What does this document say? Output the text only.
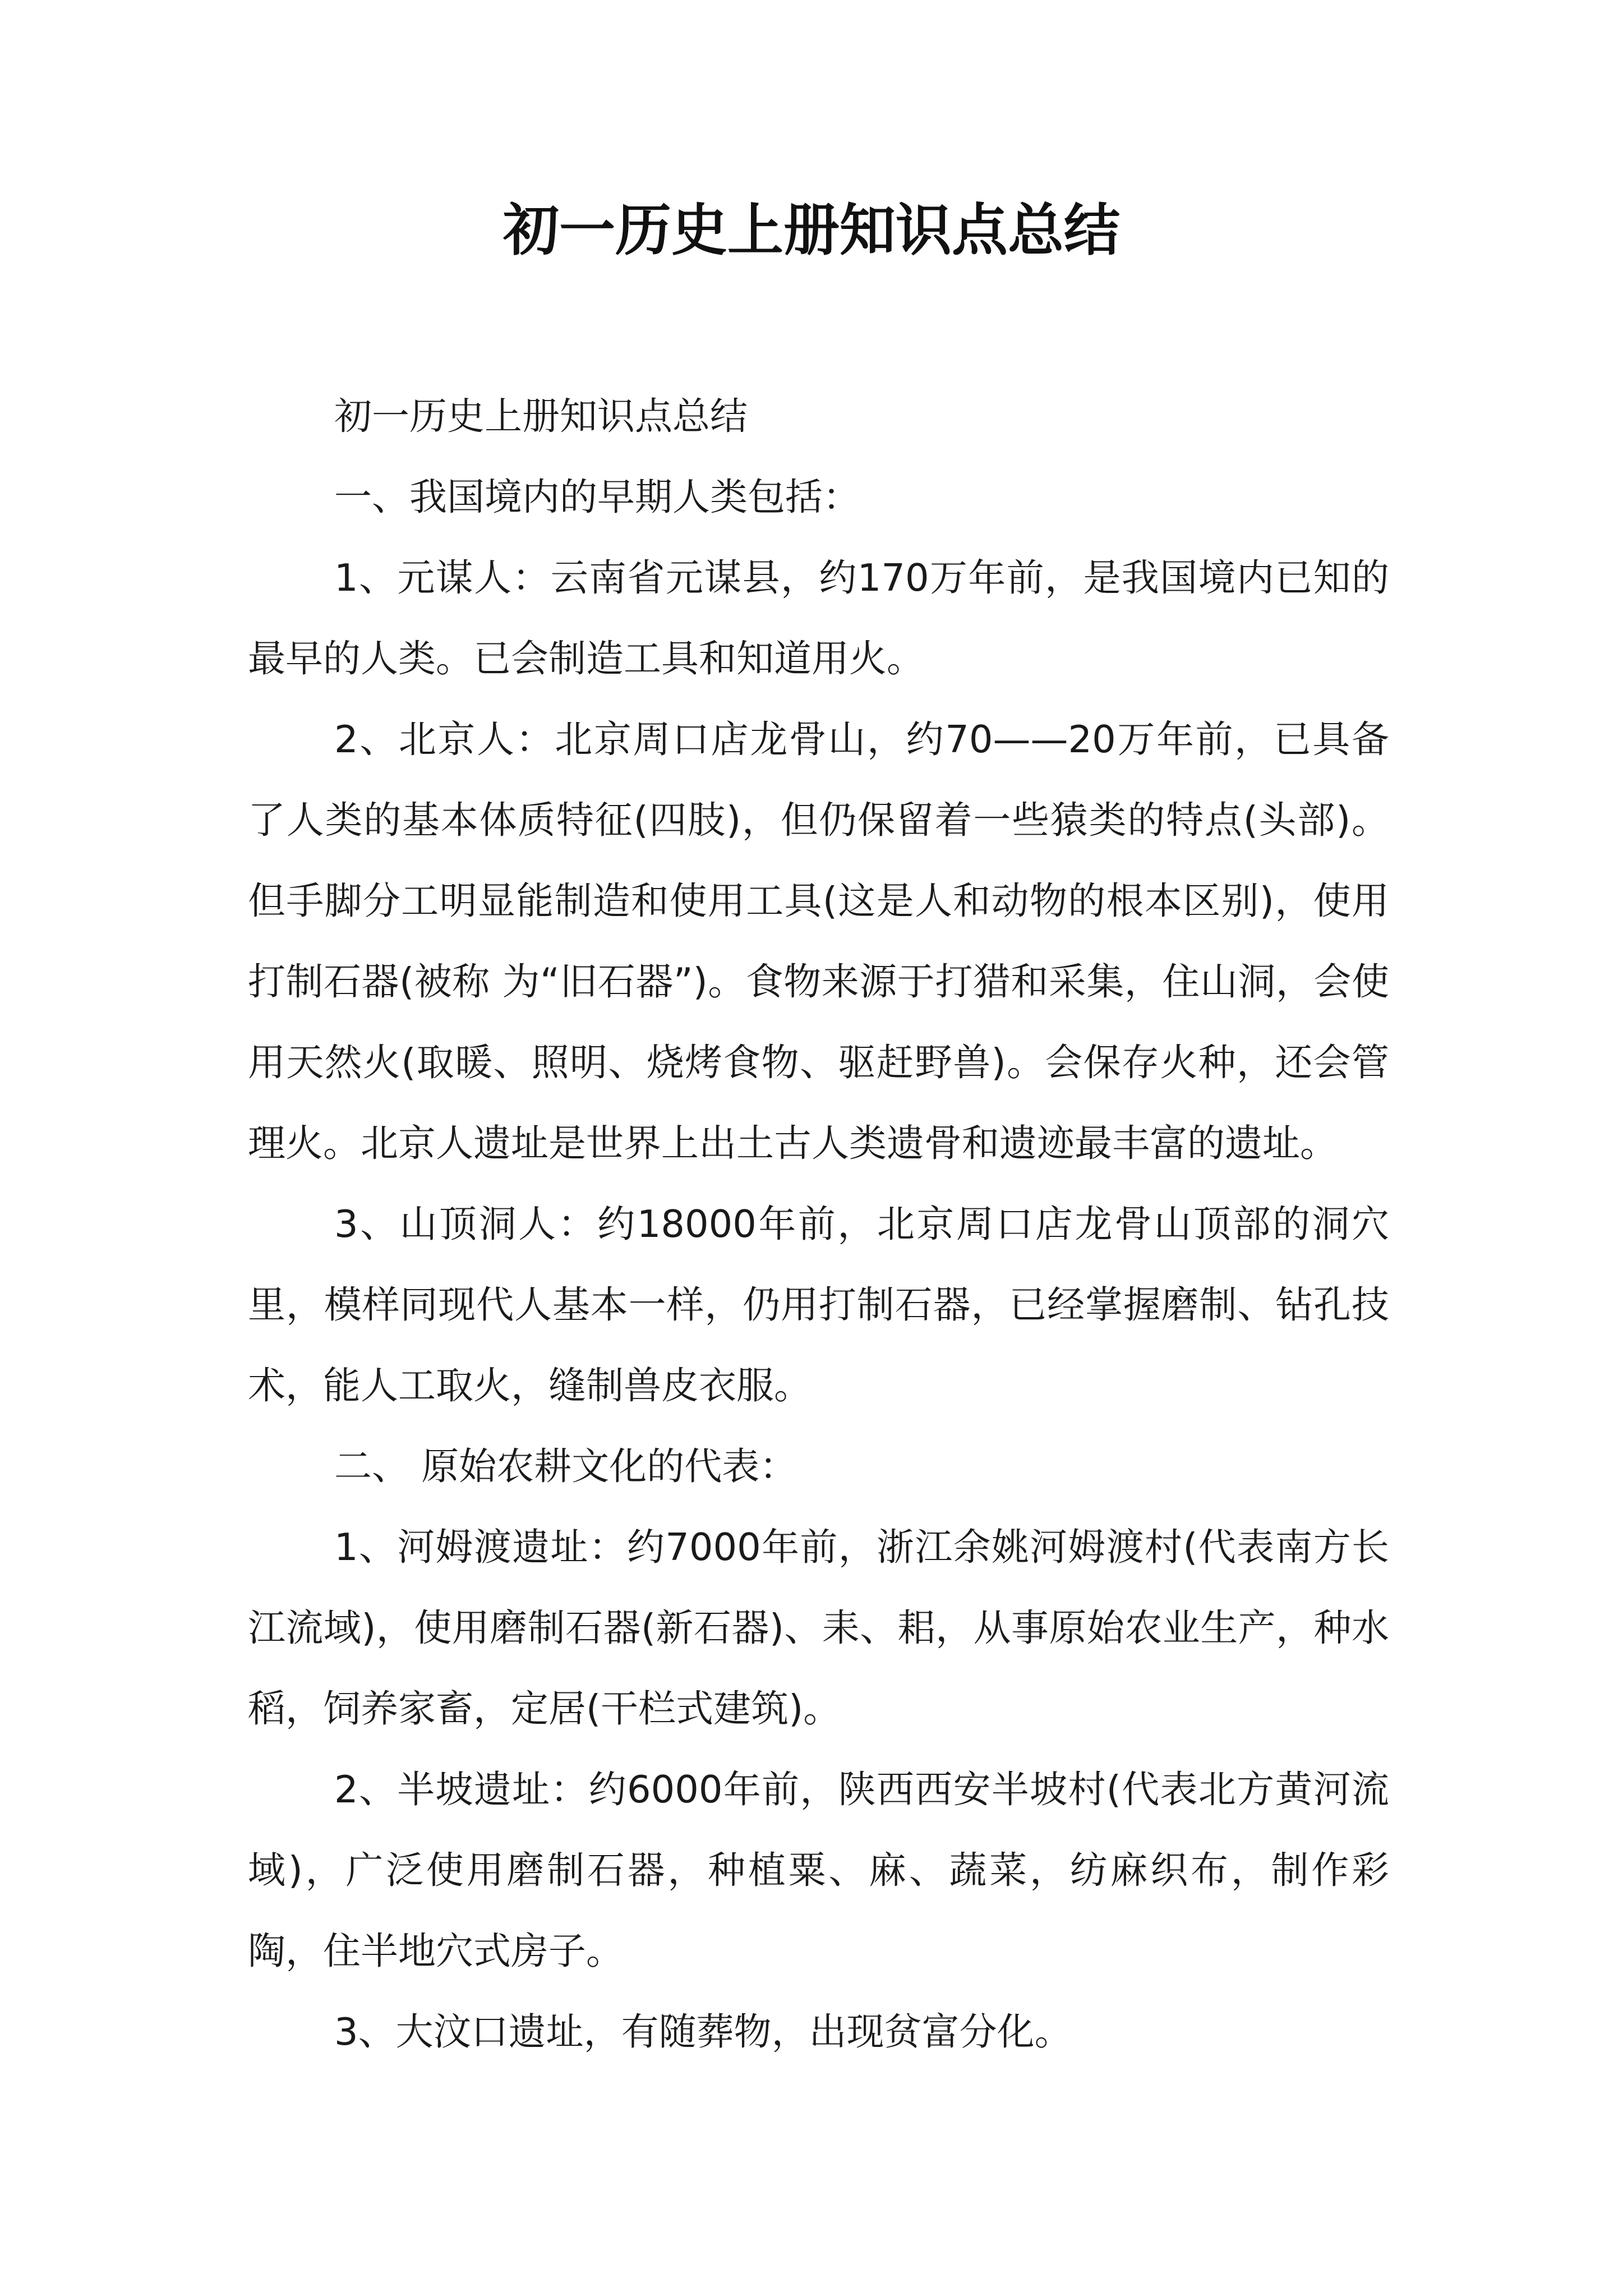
初一历史上册知识点总结

初一历史上册知识点总结

一、我国境内的早期人类包括：

1、元谋人：云南省元谋县，约170万年前，是我国境内已知的最早的人类。已会制造工具和知道用火。

2、北京人：北京周口店龙骨山，约70——20万年前，已具备了人类的基本体质特征(四肢)，但仍保留着一些猿类的特点(头部)。但手脚分工明显能制造和使用工具(这是人和动物的根本区别)，使用打制石器(被称 为“旧石器”)。食物来源于打猎和采集，住山洞，会使用天然火(取暖、照明、烧烤食物、驱赶野兽)。会保存火种，还会管理火。北京人遗址是世界上出土古人类遗骨和遗迹最丰富的遗址。

3、山顶洞人：约18000年前，北京周口店龙骨山顶部的洞穴里，模样同现代人基本一样，仍用打制石器，已经掌握磨制、钻孔技术，能人工取火，缝制兽皮衣服。

二、 原始农耕文化的代表：

1、河姆渡遗址：约7000年前，浙江余姚河姆渡村(代表南方长江流域)，使用磨制石器(新石器)、耒、耜，从事原始农业生产，种水稻，饲养家畜，定居(干栏式建筑)。

2、半坡遗址：约6000年前，陕西西安半坡村(代表北方黄河流域)，广泛使用磨制石器，种植粟、麻、蔬菜，纺麻织布，制作彩陶，住半地穴式房子。

3、大汶口遗址，有随葬物，出现贫富分化。
